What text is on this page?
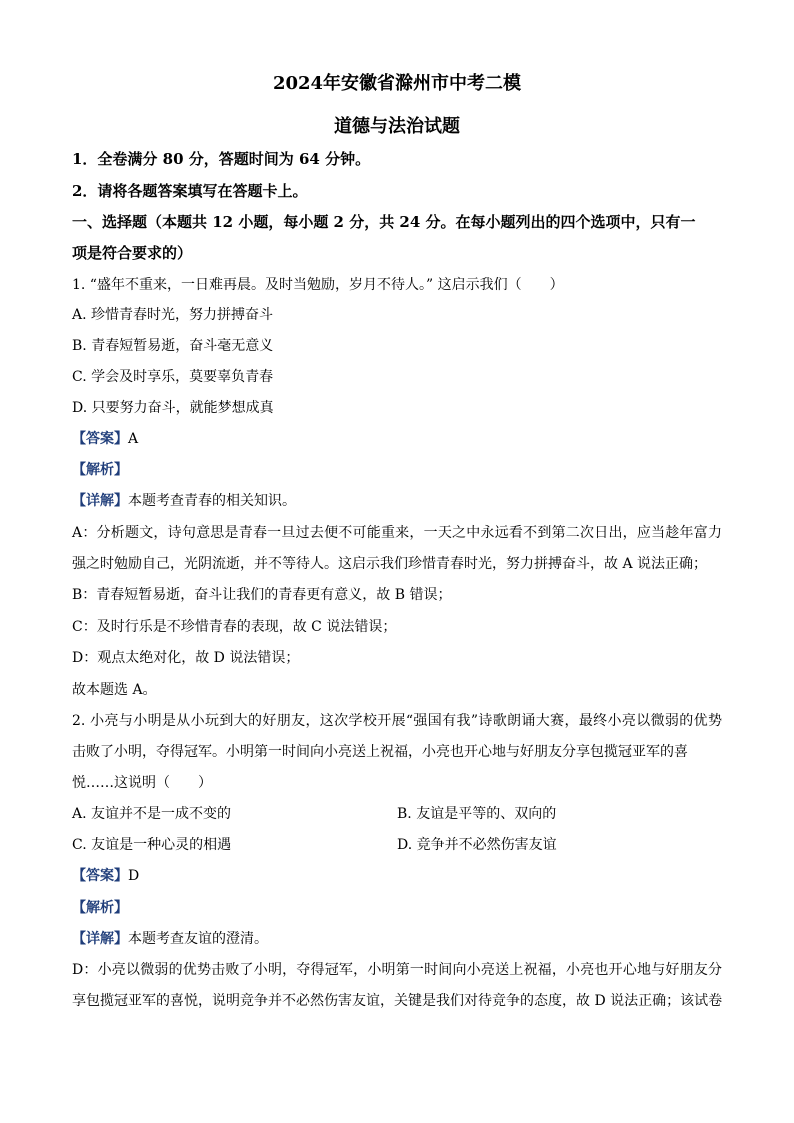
2024年安徽省滁州市中考二模
道德与法治试题
1．全卷满分 80 分，答题时间为 64 分钟。
2．请将各题答案填写在答题卡上。
一、选择题（本题共 12 小题，每小题 2 分，共 24 分。在每小题列出的四个选项中，只有一
项是符合要求的）
1. “盛年不重来，一日难再晨。及时当勉励，岁月不待人。” 这启示我们（　　）
A. 珍惜青春时光，努力拼搏奋斗
B. 青春短暂易逝，奋斗毫无意义
C. 学会及时享乐，莫要辜负青春
D. 只要努力奋斗，就能梦想成真
【答案】A
【解析】
【详解】本题考查青春的相关知识。
A：分析题文，诗句意思是青春一旦过去便不可能重来，一天之中永远看不到第二次日出，应当趁年富力
强之时勉励自己，光阴流逝，并不等待人。这启示我们珍惜青春时光，努力拼搏奋斗，故 A 说法正确；
B：青春短暂易逝，奋斗让我们的青春更有意义，故 B 错误；
C：及时行乐是不珍惜青春的表现，故 C 说法错误；
D：观点太绝对化，故 D 说法错误；
故本题选 A。
2. 小亮与小明是从小玩到大的好朋友，这次学校开展“强国有我”诗歌朗诵大赛，最终小亮以微弱的优势
击败了小明，夺得冠军。小明第一时间向小亮送上祝福，小亮也开心地与好朋友分享包揽冠亚军的喜
悦……这说明（　　）
A. 友谊并不是一成不变的	B. 友谊是平等的、双向的
C. 友谊是一种心灵的相遇	D. 竞争并不必然伤害友谊
【答案】D
【解析】
【详解】本题考查友谊的澄清。
D：小亮以微弱的优势击败了小明，夺得冠军，小明第一时间向小亮送上祝福，小亮也开心地与好朋友分
享包揽冠亚军的喜悦，说明竞争并不必然伤害友谊，关键是我们对待竞争的态度，故 D 说法正确；该试卷
